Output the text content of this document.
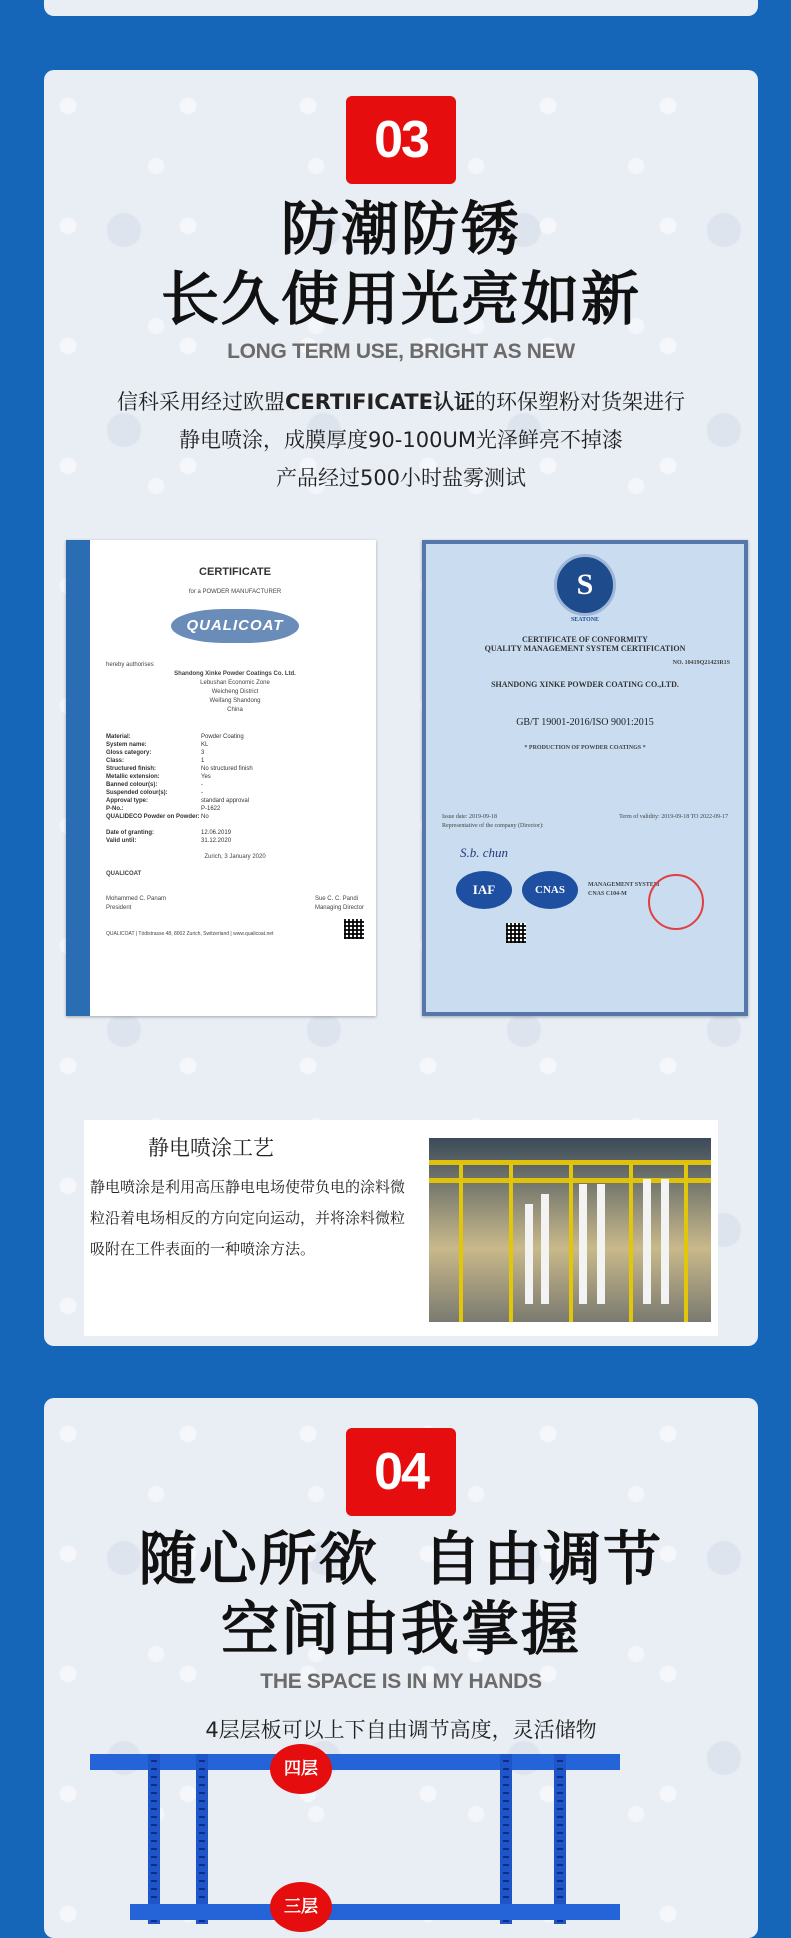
03
防潮防锈
长久使用光亮如新
LONG TERM USE, BRIGHT AS NEW
信科采用经过欧盟CERTIFICATE认证的环保塑粉对货架进行
静电喷涂，成膜厚度90-100UM光泽鲜亮不掉漆
产品经过500小时盐雾测试
CERTIFICATE
for a POWDER MANUFACTURER
QUALICOAT
hereby authorises
Shandong Xinke Powder Coatings Co. Ltd.
Lebushan Economic Zone
Weicheng District
Weifang Shandong
China
Material:	Powder Coating
System name:	KL
Gloss category:	3
Class:	1
Structured finish:	No structured finish
Metallic extension:	Yes
Banned colour(s):	-
Suspended colour(s):	-
Approval type:	standard approval
P-No.:	P-1622
QUALIDECO Powder on Powder: No
Date of granting:	12.06.2019
Valid until:	31.12.2020
Zurich, 3 January 2020
QUALICOAT
Mohammed C. Panam
President
Sue C. C. Pandi
Managing Director
QUALICOAT | Tödistrasse 48, 8002 Zurich, Switzerland | www.qualicoat.net
S
SEATONE
CERTIFICATE OF CONFORMITY
QUALITY MANAGEMENT SYSTEM CERTIFICATION
NO. 10419Q21423R1S
SHANDONG XINKE POWDER COATING CO.,LTD.
GB/T 19001-2016/ISO 9001:2015
* PRODUCTION OF POWDER COATINGS *
Issue date: 2019-09-18	Term of validity: 2019-09-18 TO 2022-09-17
Representative of the company (Director):
S.b. chun
IAF	CNAS	MANAGEMENT SYSTEM
CNAS C104-M
静电喷涂工艺
静电喷涂是利用高压静电电场使带负电的涂料微粒沿着电场相反的方向定向运动，并将涂料微粒吸附在工件表面的一种喷涂方法。
04
随心所欲  自由调节
空间由我掌握
THE SPACE IS IN MY HANDS
4层层板可以上下自由调节高度，灵活储物
四层
三层
